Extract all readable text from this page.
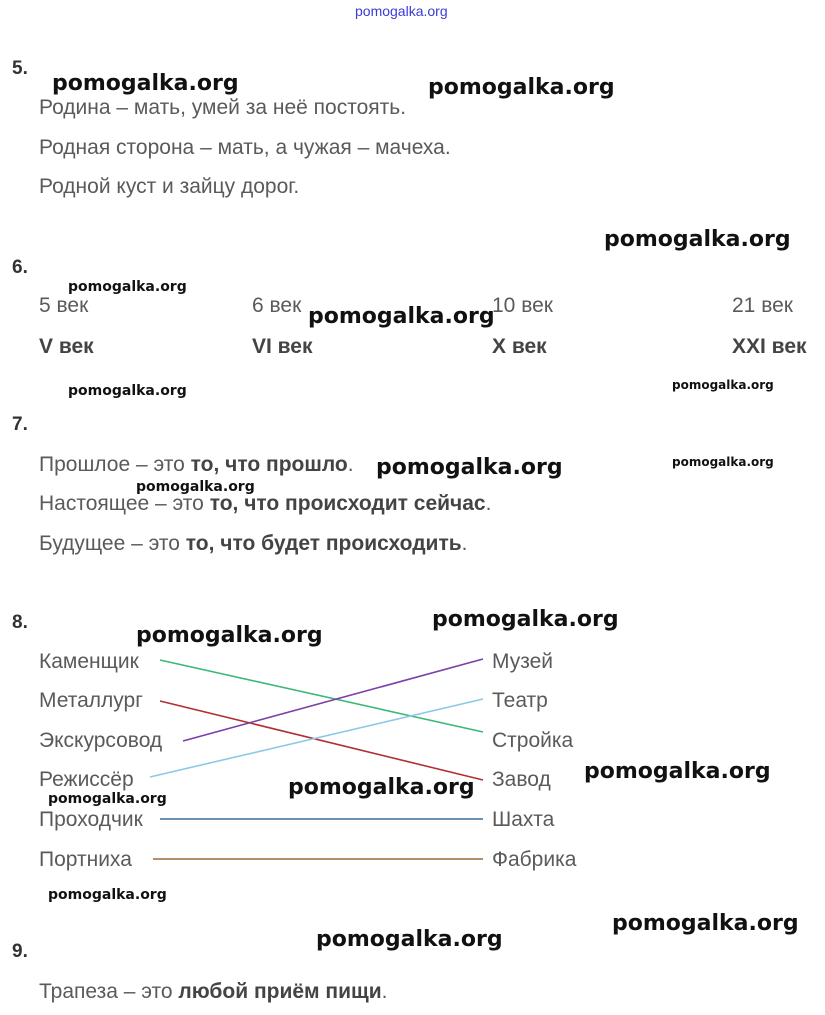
pomogalka.org
5.
Родина – мать, умей за неё постоять.
Родная сторона – мать, а чужая – мачеха.
Родной куст и зайцу дорог.
6.
5 век	6 век	10 век	21 век
V век	VI век	X век	XXI век
7.
Прошлое – это то, что прошло.
Настоящее – это то, что происходит сейчас.
Будущее – это то, что будет происходить.
8.
Каменщик
Металлург
Экскурсовод
Режиссёр
Проходчик
Портниха
Музей
Театр
Стройка
Завод
Шахта
Фабрика
9.
Трапеза – это любой приём пищи.
pomogalka.org	pomogalka.org
pomogalka.org
pomogalka.org
pomogalka.org
pomogalka.org	pomogalka.org
pomogalka.org	pomogalka.org
pomogalka.org
pomogalka.org
pomogalka.org
pomogalka.org
pomogalka.org
pomogalka.org
pomogalka.org
pomogalka.org
pomogalka.org
